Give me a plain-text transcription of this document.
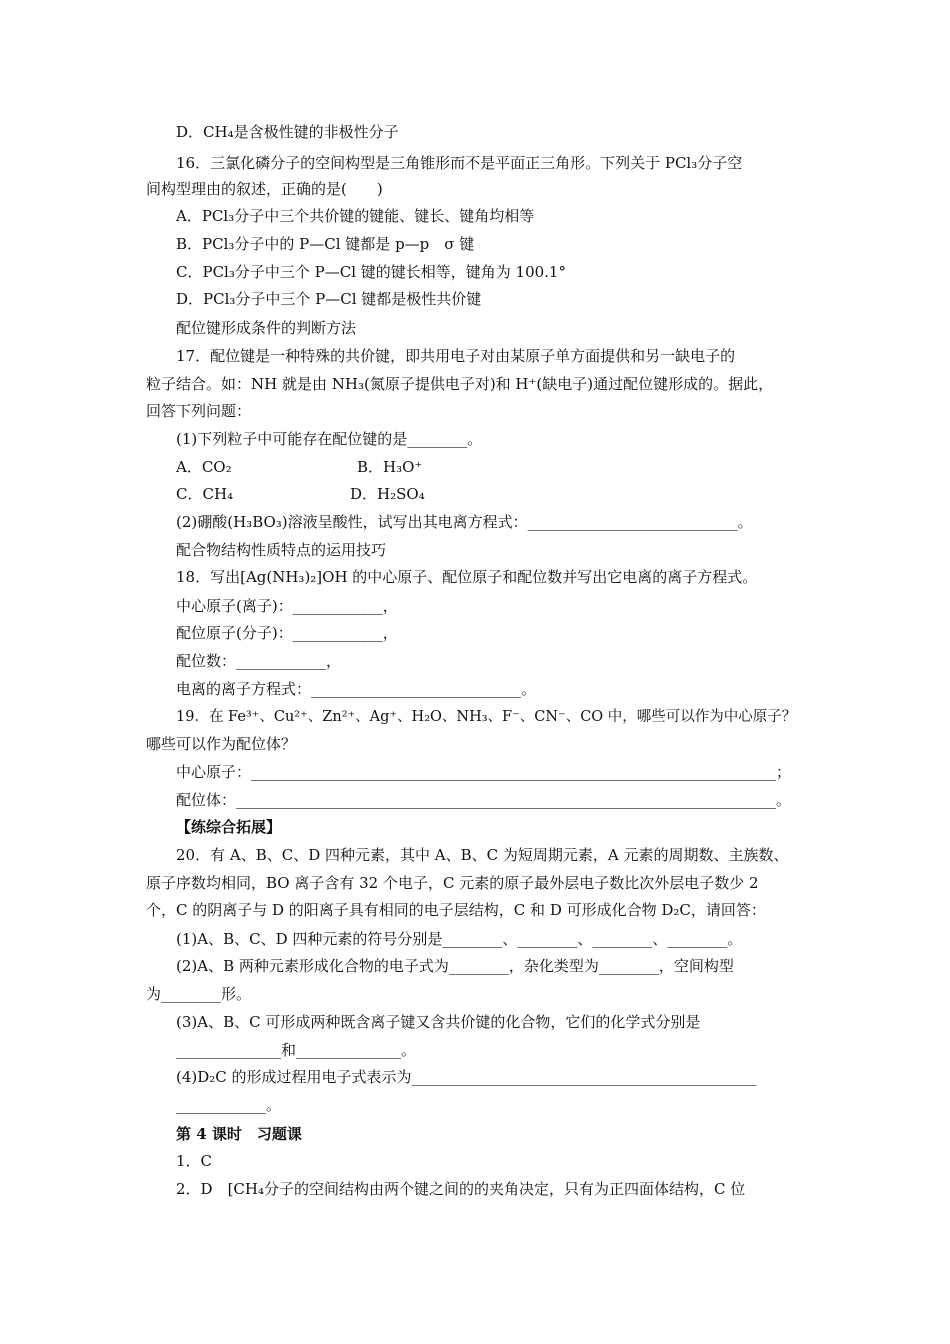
D．CH₄是含极性键的非极性分子
16．三氯化磷分子的空间构型是三角锥形而不是平面正三角形。下列关于 PCl₃分子空
间构型理由的叙述，正确的是(　　)
A．PCl₃分子中三个共价键的键能、键长、键角均相等
B．PCl₃分子中的 P—Cl 键都是 p—p　σ 键
C．PCl₃分子中三个 P—Cl 键的键长相等，键角为 100.1°
D．PCl₃分子中三个 P—Cl 键都是极性共价键
配位键形成条件的判断方法
17．配位键是一种特殊的共价键，即共用电子对由某原子单方面提供和另一缺电子的
粒子结合。如：NH 就是由 NH₃(氮原子提供电子对)和 H⁺(缺电子)通过配位键形成的。据此，
回答下列问题：
(1)下列粒子中可能存在配位键的是________。
A．CO₂	B．H₃O⁺
C．CH₄	D．H₂SO₄
(2)硼酸(H₃BO₃)溶液呈酸性，试写出其电离方程式：____________________________。
配合物结构性质特点的运用技巧
18．写出[Ag(NH₃)₂]OH 的中心原子、配位原子和配位数并写出它电离的离子方程式。
中心原子(离子)：____________，
配位原子(分子)：____________，
配位数：____________，
电离的离子方程式：____________________________。
19．在 Fe³⁺、Cu²⁺、Zn²⁺、Ag⁺、H₂O、NH₃、F⁻、CN⁻、CO 中，哪些可以作为中心原子？
哪些可以作为配位体？
中心原子：______________________________________________________________________；
配位体：________________________________________________________________________。
【练综合拓展】
20．有 A、B、C、D 四种元素，其中 A、B、C 为短周期元素，A 元素的周期数、主族数、
原子序数均相同，BO 离子含有 32 个电子，C 元素的原子最外层电子数比次外层电子数少 2
个，C 的阴离子与 D 的阳离子具有相同的电子层结构，C 和 D 可形成化合物 D₂C，请回答：
(1)A、B、C、D 四种元素的符号分别是________、________、________、________。
(2)A、B 两种元素形成化合物的电子式为________，杂化类型为________，空间构型
为________形。
(3)A、B、C 可形成两种既含离子键又含共价键的化合物，它们的化学式分别是
______________和______________。
(4)D₂C 的形成过程用电子式表示为______________________________________________
____________。
第 4 课时　习题课
1．C
2．D　[CH₄分子的空间结构由两个键之间的的夹角决定，只有为正四面体结构，C 位
